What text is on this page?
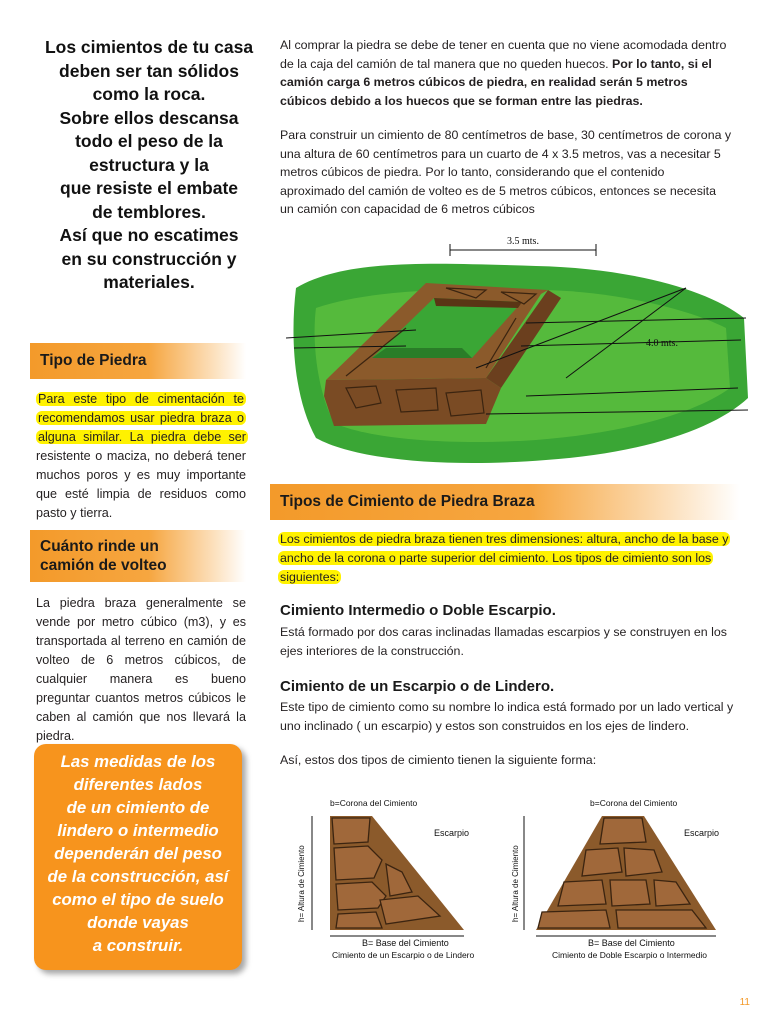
Los cimientos de tu casa
deben ser tan sólidos
como la roca.
Sobre ellos descansa
todo el peso de la
estructura y la
que resiste el embate
de temblores.
Así que no escatimes
en su construcción y
materiales.
Tipo de Piedra
Para este tipo de cimentación te recomendamos usar piedra braza o alguna similar. La piedra debe ser resistente o maciza, no deberá tener muchos poros y es muy importante que esté limpia de residuos como pasto y tierra.
Cuánto rinde un
camión de volteo
La piedra braza generalmente se vende por metro cúbico (m3), y es transportada al terreno en camión de volteo de 6 metros cúbicos, de cualquier manera es bueno preguntar cuantos metros cúbicos le caben al camión que nos llevará la piedra.
Las medidas de los
diferentes lados
de un cimiento de
lindero o intermedio
dependerán del peso
de la construcción, así
como el tipo de suelo
donde vayas
a construir.
Al comprar la piedra se debe de tener en cuenta que no viene acomodada dentro de la caja del camión de tal manera que no queden huecos. Por lo tanto, si el camión carga 6 metros cúbicos de piedra, en realidad serán 5 metros cúbicos debido a los huecos que se forman entre las piedras.
Para construir un cimiento de 80 centímetros de base, 30 centímetros de corona y una altura de 60 centímetros para un cuarto de 4 x 3.5 metros, vas a necesitar 5 metros cúbicos de piedra. Por lo tanto, considerando que el contenido aproximado del camión de volteo es de 5 metros cúbicos, entonces se necesita un camión con capacidad de 6 metros cúbicos
3.5 mts.
4.0 mts.
Tipos de Cimiento de Piedra Braza
Los cimientos de piedra braza tienen tres dimensiones: altura, ancho de la base y ancho de la corona o parte superior del cimiento. Los tipos de cimiento son los siguientes:
Cimiento Intermedio o Doble Escarpio.
Está formado por dos caras inclinadas llamadas escarpios y se construyen en los ejes interiores de la construcción.
Cimiento de un Escarpio o de Lindero.
Este tipo de cimiento como su nombre lo indica está formado por un lado vertical y uno inclinado ( un escarpio) y estos son construidos en los ejes de lindero.
Así, estos dos tipos de cimiento tienen la siguiente forma:
b=Corona del Cimiento
Escarpio
h= Altura de Cimiento
B= Base del Cimiento
Cimiento de un Escarpio o de Lindero
b=Corona del Cimiento
Escarpio
h= Altura de Cimiento
B= Base del Cimiento
Cimiento de Doble Escarpio o Intermedio
11
